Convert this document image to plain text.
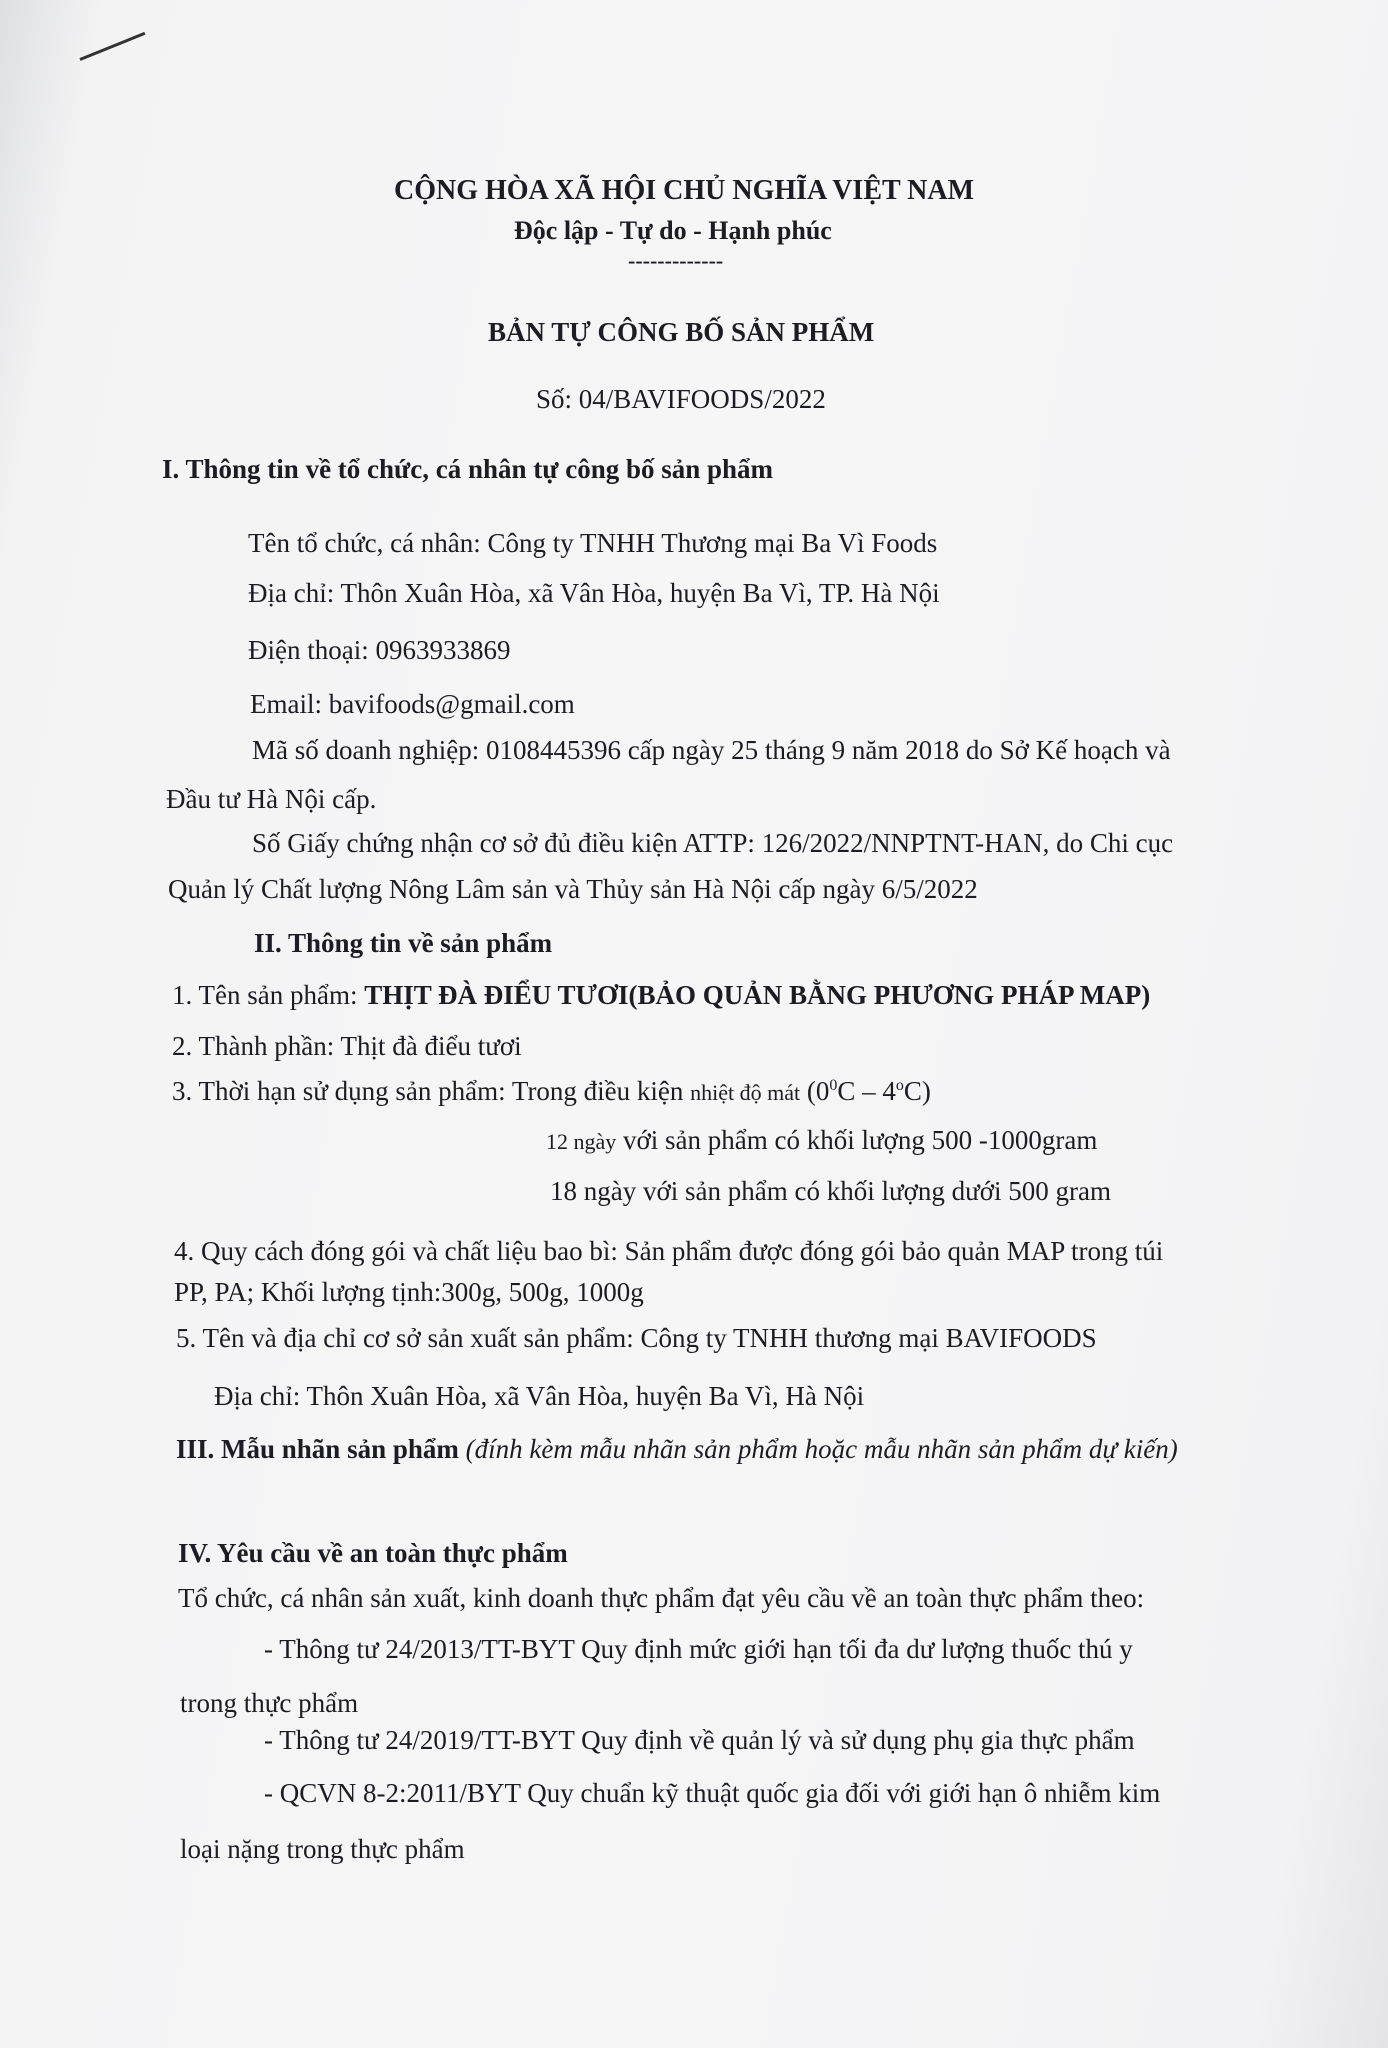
CỘNG HÒA XÃ HỘI CHỦ NGHĨA VIỆT NAM
Độc lập - Tự do - Hạnh phúc
-------------
BẢN TỰ CÔNG BỐ SẢN PHẨM
Số: 04/BAVIFOODS/2022
I. Thông tin về tổ chức, cá nhân tự công bố sản phẩm
Tên tổ chức, cá nhân: Công ty TNHH Thương mại Ba Vì Foods
Địa chỉ: Thôn Xuân Hòa, xã Vân Hòa, huyện Ba Vì, TP. Hà Nội
Điện thoại: 0963933869
Email: bavifoods@gmail.com
Mã số doanh nghiệp: 0108445396 cấp ngày 25 tháng 9 năm 2018 do Sở Kế hoạch và
Đầu tư Hà Nội cấp.
Số Giấy chứng nhận cơ sở đủ điều kiện ATTP: 126/2022/NNPTNT-HAN, do Chi cục
Quản lý Chất lượng Nông Lâm sản và Thủy sản Hà Nội cấp ngày 6/5/2022
II. Thông tin về sản phẩm
1. Tên sản phẩm: THỊT ĐÀ ĐIỂU TƯƠI(BẢO QUẢN BẰNG PHƯƠNG PHÁP MAP)
2. Thành phần: Thịt đà điểu tươi
3. Thời hạn sử dụng sản phẩm: Trong điều kiện nhiệt độ mát $(0^0C - 4^oC)$
12 ngày với sản phẩm có khối lượng 500 -1000gram
18 ngày với sản phẩm có khối lượng dưới 500 gram
4. Quy cách đóng gói và chất liệu bao bì: Sản phẩm được đóng gói bảo quản MAP trong túi
PP, PA; Khối lượng tịnh:300g, 500g, 1000g
5. Tên và địa chỉ cơ sở sản xuất sản phẩm: Công ty TNHH thương mại BAVIFOODS
Địa chỉ: Thôn Xuân Hòa, xã Vân Hòa, huyện Ba Vì, Hà Nội
III. Mẫu nhãn sản phẩm (đính kèm mẫu nhãn sản phẩm hoặc mẫu nhãn sản phẩm dự kiến)
IV. Yêu cầu về an toàn thực phẩm
Tổ chức, cá nhân sản xuất, kinh doanh thực phẩm đạt yêu cầu về an toàn thực phẩm theo:
- Thông tư 24/2013/TT-BYT Quy định mức giới hạn tối đa dư lượng thuốc thú y
trong thực phẩm
- Thông tư 24/2019/TT-BYT Quy định về quản lý và sử dụng phụ gia thực phẩm
- QCVN 8-2:2011/BYT Quy chuẩn kỹ thuật quốc gia đối với giới hạn ô nhiễm kim
loại nặng trong thực phẩm
